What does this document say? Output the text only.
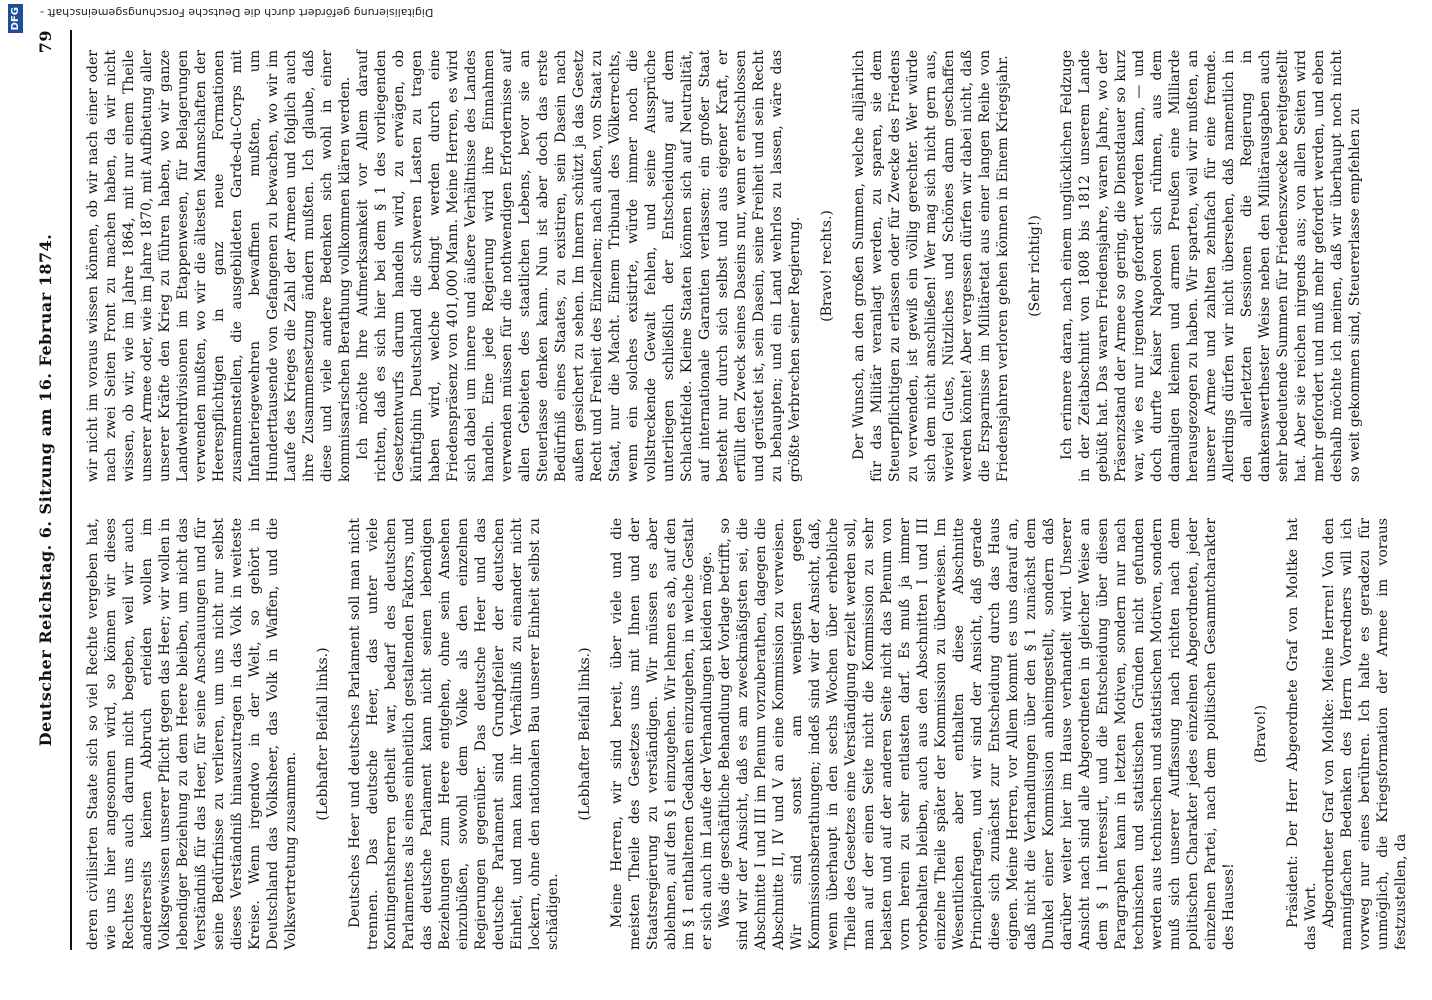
Deutscher Reichstag. 6. Sitzung am 16. Februar 1874.
79

deren civilisirten Staate sich so viel Rechte vergeben hat, wie uns hier angesonnen wird, so können wir dieses Rechtes uns auch darum nicht begeben, weil wir auch andererseits keinen Abbruch erleiden wollen im Volksgewissen unserer Pflicht gegen das Heer; wir wollen in lebendiger Beziehung zu dem Heere bleiben, um nicht das Verständniß für das Heer, für seine Anschauungen und für seine Bedürfnisse zu verlieren, um uns nicht nur selbst dieses Verständniß hinauszutragen in das Volk in weiteste Kreise. Wenn irgendwo in der Welt, so gehört in Deutschland das Volksheer, das Volk in Waffen, und die Volksvertretung zusammen.

(Lebhafter Beifall links.) Deutsches Heer und deutsches Parlament soll man nicht trennen. Das deutsche Heer, das unter viele Kontingentsherren getheilt war, bedarf des deutschen Parlamentes als eines einheitlich gestaltenden Faktors, und das deutsche Parlament kann nicht seinen lebendigen Beziehungen zum Heere entgehen, ohne sein Ansehen einzubüßen, sowohl dem Volke als den einzelnen Regierungen gegenüber. Das deutsche Heer und das deutsche Parlament sind Grundpfeiler der deutschen Einheit, und man kann ihr Verhältniß zu einander nicht lockern, ohne den nationalen Bau unserer Einheit selbst zu schädigen.

(Lebhafter Beifall links.) Meine Herren, wir sind bereit, über viele und die meisten Theile des Gesetzes uns mit Ihnen und der Staatsregierung zu verständigen. Wir müssen es aber ablehnen, auf den § 1 einzugehen. Wir lehnen es ab, auf den im § 1 enthaltenen Gedanken einzugehen, in welche Gestalt er sich auch im Laufe der Verhandlungen kleiden möge. Was die geschäftliche Behandlung der Vorlage betrifft, so sind wir der Ansicht, daß es am zweckmäßigsten sei, die Abschnitte I und III im Plenum vorzuberathen, dagegen die Abschnitte II, IV und V an eine Kommission zu verweisen. Wir sind sonst am wenigsten gegen Kommissionsberathungen; indeß sind wir der Ansicht, daß, wenn überhaupt in den sechs Wochen über erhebliche Theile des Gesetzes eine Verständigung erzielt werden soll, man auf der einen Seite nicht die Kommission zu sehr belasten und auf der anderen Seite nicht das Plenum von vorn herein zu sehr entlasten darf. Es muß ja immer vorbehalten bleiben, auch aus den Abschnitten I und III einzelne Theile später der Kommission zu überweisen. Im Wesentlichen aber enthalten diese Abschnitte Principienfragen, und wir sind der Ansicht, daß gerade diese sich zunächst zur Entscheidung durch das Haus eignen. Meine Herren, vor Allem kommt es uns darauf an, daß nicht die Verhandlungen über den § 1 zunächst dem Dunkel einer Kommission anheimgestellt, sondern daß darüber weiter hier im Hause verhandelt wird. Unserer Ansicht nach sind alle Abgeordneten in gleicher Weise an dem § 1 interessirt, und die Entscheidung über diesen Paragraphen kann in letzten Motiven, sondern nur nach technischen und statistischen Gründen nicht gefunden werden aus technischen und statistischen Motiven, sondern muß sich unserer Auffassung nach richten nach dem politischen Charakter jedes einzelnen Abgeordneten, jeder einzelnen Partei, nach dem politischen Gesammtcharakter des Hauses!

(Bravo!) Präsident: Der Herr Abgeordnete Graf von Moltke hat das Wort. Abgeordneter Graf von Moltke: Meine Herren! Von den mannigfachen Bedenken des Herrn Vorredners will ich vorweg nur eines berühren. Ich halte es geradezu für unmöglich, die Kriegsformation der Armee im voraus festzustellen, da

wir nicht im voraus wissen können, ob wir nach einer oder nach zwei Seiten Front zu machen haben, da wir nicht wissen, ob wir, wie im Jahre 1864, mit nur einem Theile unserer Armee oder, wie im Jahre 1870, mit Aufbietung aller unserer Kräfte den Krieg zu führen haben, wo wir ganze Landwehrdivisionen im Etappenwesen, für Belagerungen verwenden mußten, wo wir die ältesten Mannschaften der Heerespflichtigen in ganz neue Formationen zusammenstellen, die ausgebildeten Garde-du-Corps mit Infanteriegewehren bewaffnen mußten, um Hunderttausende von Gefangenen zu bewachen, wo wir im Laufe des Krieges die Zahl der Armeen und folglich auch ihre Zusammensetzung ändern mußten. Ich glaube, daß diese und viele andere Bedenken sich wohl in einer kommissarischen Berathung vollkommen klären werden. Ich möchte Ihre Aufmerksamkeit vor Allem darauf richten, daß es sich hier bei dem § 1 des vorliegenden Gesetzentwurfs darum handeln wird, zu erwägen, ob künftighin Deutschland die schweren Lasten zu tragen haben wird, welche bedingt werden durch eine Friedenspräsenz von 401,000 Mann. Meine Herren, es wird sich dabei um innere und äußere Verhältnisse des Landes handeln. Eine jede Regierung wird ihre Einnahmen verwenden müssen für die nothwendigen Erfordernisse auf allen Gebieten des staatlichen Lebens, bevor sie an Steuerlasse denken kann. Nun ist aber doch das erste Bedürfniß eines Staates, zu existiren, sein Dasein nach außen gesichert zu sehen. Im Innern schützt ja das Gesetz Recht und Freiheit des Einzelnen; nach außen, von Staat zu Staat, nur die Macht. Einem Tribunal des Völkerrechts, wenn ein solches existirte, würde immer noch die vollstreckende Gewalt fehlen, und seine Aussprüche unterliegen schließlich der Entscheidung auf dem Schlachtfelde. Kleine Staaten können sich auf Neutralität, auf internationale Garantien verlassen; ein großer Staat besteht nur durch sich selbst und aus eigener Kraft, er erfüllt den Zweck seines Daseins nur, wenn er entschlossen und gerüstet ist, sein Dasein, seine Freiheit und sein Recht zu behaupten; und ein Land wehrlos zu lassen, wäre das größte Verbrechen seiner Regierung. (Bravo! rechts.) Der Wunsch, an den großen Summen, welche alljährlich für das Militär veranlagt werden, zu sparen, sie dem Steuerpflichtigen zu erlassen oder für Zwecke des Friedens zu verwenden, ist gewiß ein völlig gerechter. Wer würde sich dem nicht anschließen! Wer mag sich nicht gern aus, wieviel Gutes, Nützliches und Schönes dann geschaffen werden könnte! Aber vergessen dürfen wir dabei nicht, daß die Ersparnisse im Militäretat aus einer langen Reihe von Friedensjahren verloren gehen können in Einem Kriegsjahr. (Sehr richtig!) Ich erinnere daran, nach einem unglücklichen Feldzuge in der Zeitabschnitt von 1808 bis 1812 unserem Lande gebüßt hat. Das waren Friedensjahre, waren Jahre, wo der Präsenzstand der Armee so gering, die Dienstdauer so kurz war, wie es nur irgendwo gefordert werden kann, — und doch durfte Kaiser Napoleon sich rühmen, aus dem damaligen kleinen und armen Preußen eine Milliarde herausgezogen zu haben. Wir sparten, weil wir mußten, an unserer Armee und zahlten zehnfach für eine fremde. Allerdings dürfen wir nicht übersehen, daß namentlich in den allerletzten Sessionen die Regierung in dankenswerthester Weise neben den Militärausgaben auch sehr bedeutende Summen für Friedenszwecke bereitgestellt hat. Aber sie reichen nirgends aus; von allen Seiten wird mehr gefordert und muß mehr gefordert werden, und eben deshalb möchte ich meinen, daß wir überhaupt noch nicht so weit gekommen sind, Steuererlasse empfehlen zu

DFG Digitalisierung gefördert durch die Deutsche Forschungsgemeinschaft -
